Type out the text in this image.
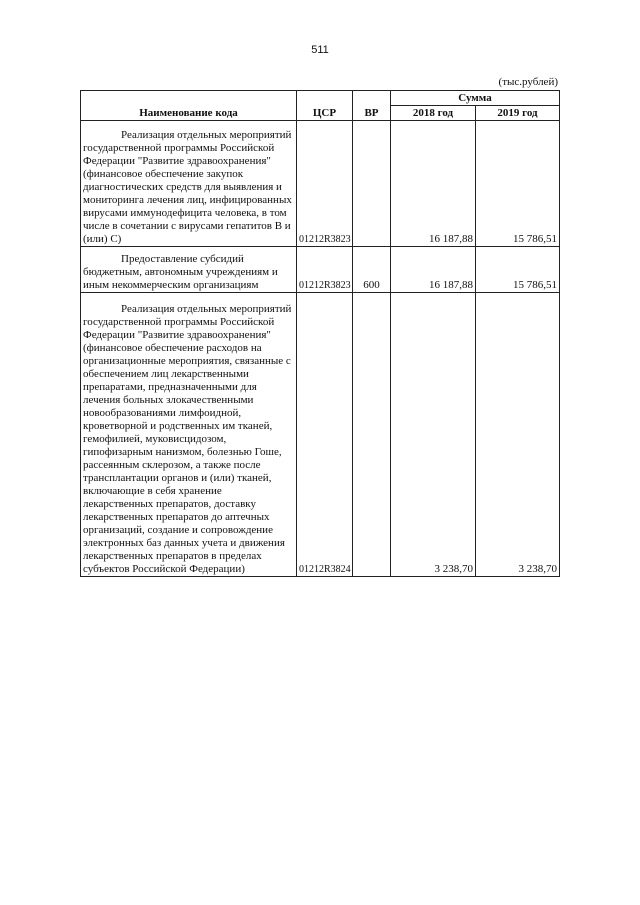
511
(тыс.рублей)
Наименование кода	ЦСР	ВР	Сумма	
			2018 год	2019 год

Реализация отдельных мероприятий государственной программы Российской Федерации "Развитие здравоохранения" (финансовое обеспечение закупок диагностических средств для выявления и мониторинга лечения лиц, инфицированных вирусами иммунодефицита человека, в том числе в сочетании с вирусами гепатитов В и (или) С)	01212R3823		16 187,88	15 786,51

Предоставление субсидий бюджетным, автономным учреждениям и иным некоммерческим организациям	01212R3823	600	16 187,88	15 786,51

Реализация отдельных мероприятий государственной программы Российской Федерации "Развитие здравоохранения" (финансовое обеспечение расходов на организационные мероприятия, связанные с обеспечением лиц лекарственными препаратами, предназначенными для лечения больных злокачественными новообразованиями лимфоидной, кроветворной и родственных им тканей, гемофилией, муковисцидозом, гипофизарным нанизмом, болезнью Гоше, рассеянным склерозом, а также после трансплантации органов и (или) тканей, включающие в себя хранение лекарственных препаратов, доставку лекарственных препаратов до аптечных организаций, создание и сопровождение электронных баз данных учета и движения лекарственных препаратов в пределах субъектов Российской Федерации)	01212R3824		3 238,70	3 238,70
